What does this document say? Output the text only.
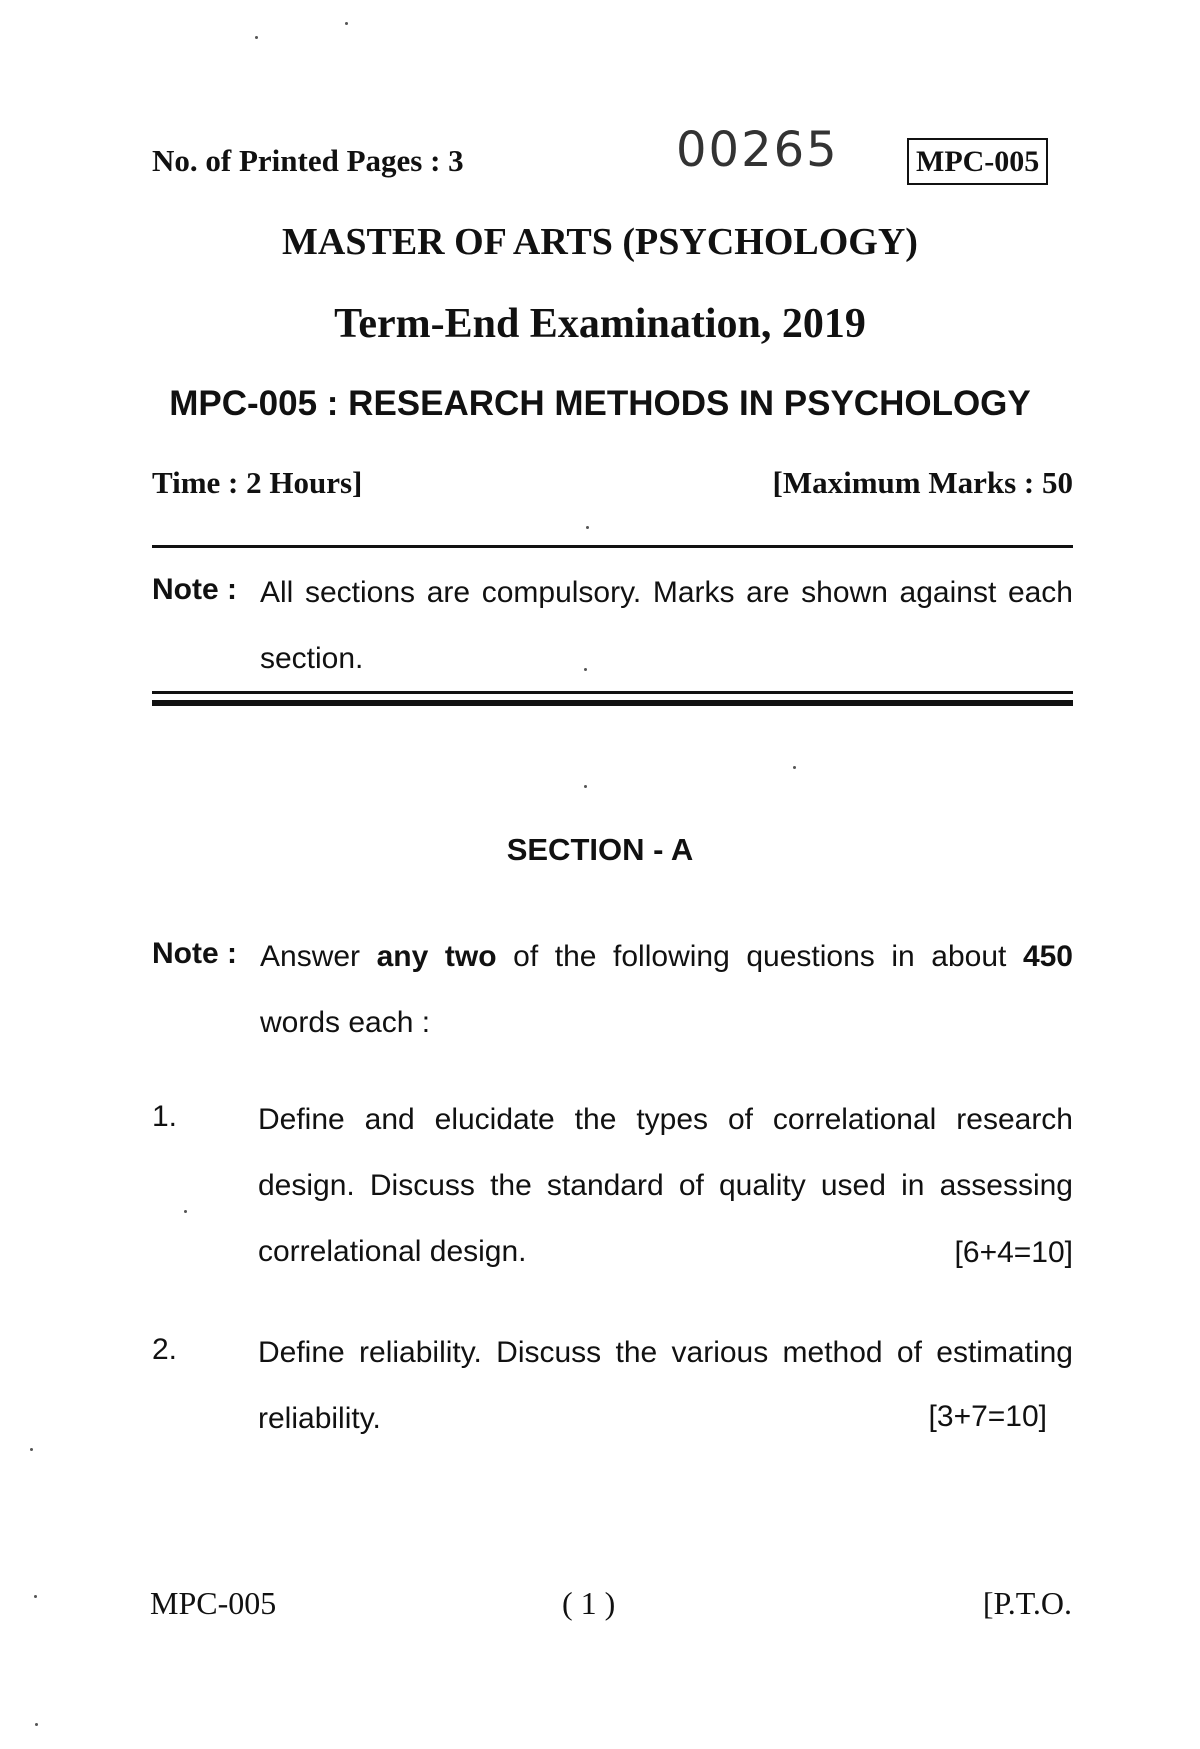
No. of Printed Pages : 3	00265	MPC-005
MASTER OF ARTS (PSYCHOLOGY)
Term-End Examination, 2019
MPC-005 : RESEARCH METHODS IN PSYCHOLOGY
Time : 2 Hours]	[Maximum Marks : 50
Note : All sections are compulsory. Marks are shown against each section.
SECTION - A
Note : Answer any two of the following questions in about 450 words each :
1.	Define and elucidate the types of correlational research design. Discuss the standard of quality used in assessing correlational design.	[6+4=10]
2.	Define reliability. Discuss the various method of estimating reliability.	[3+7=10]
MPC-005	( 1 )	[P.T.O.
